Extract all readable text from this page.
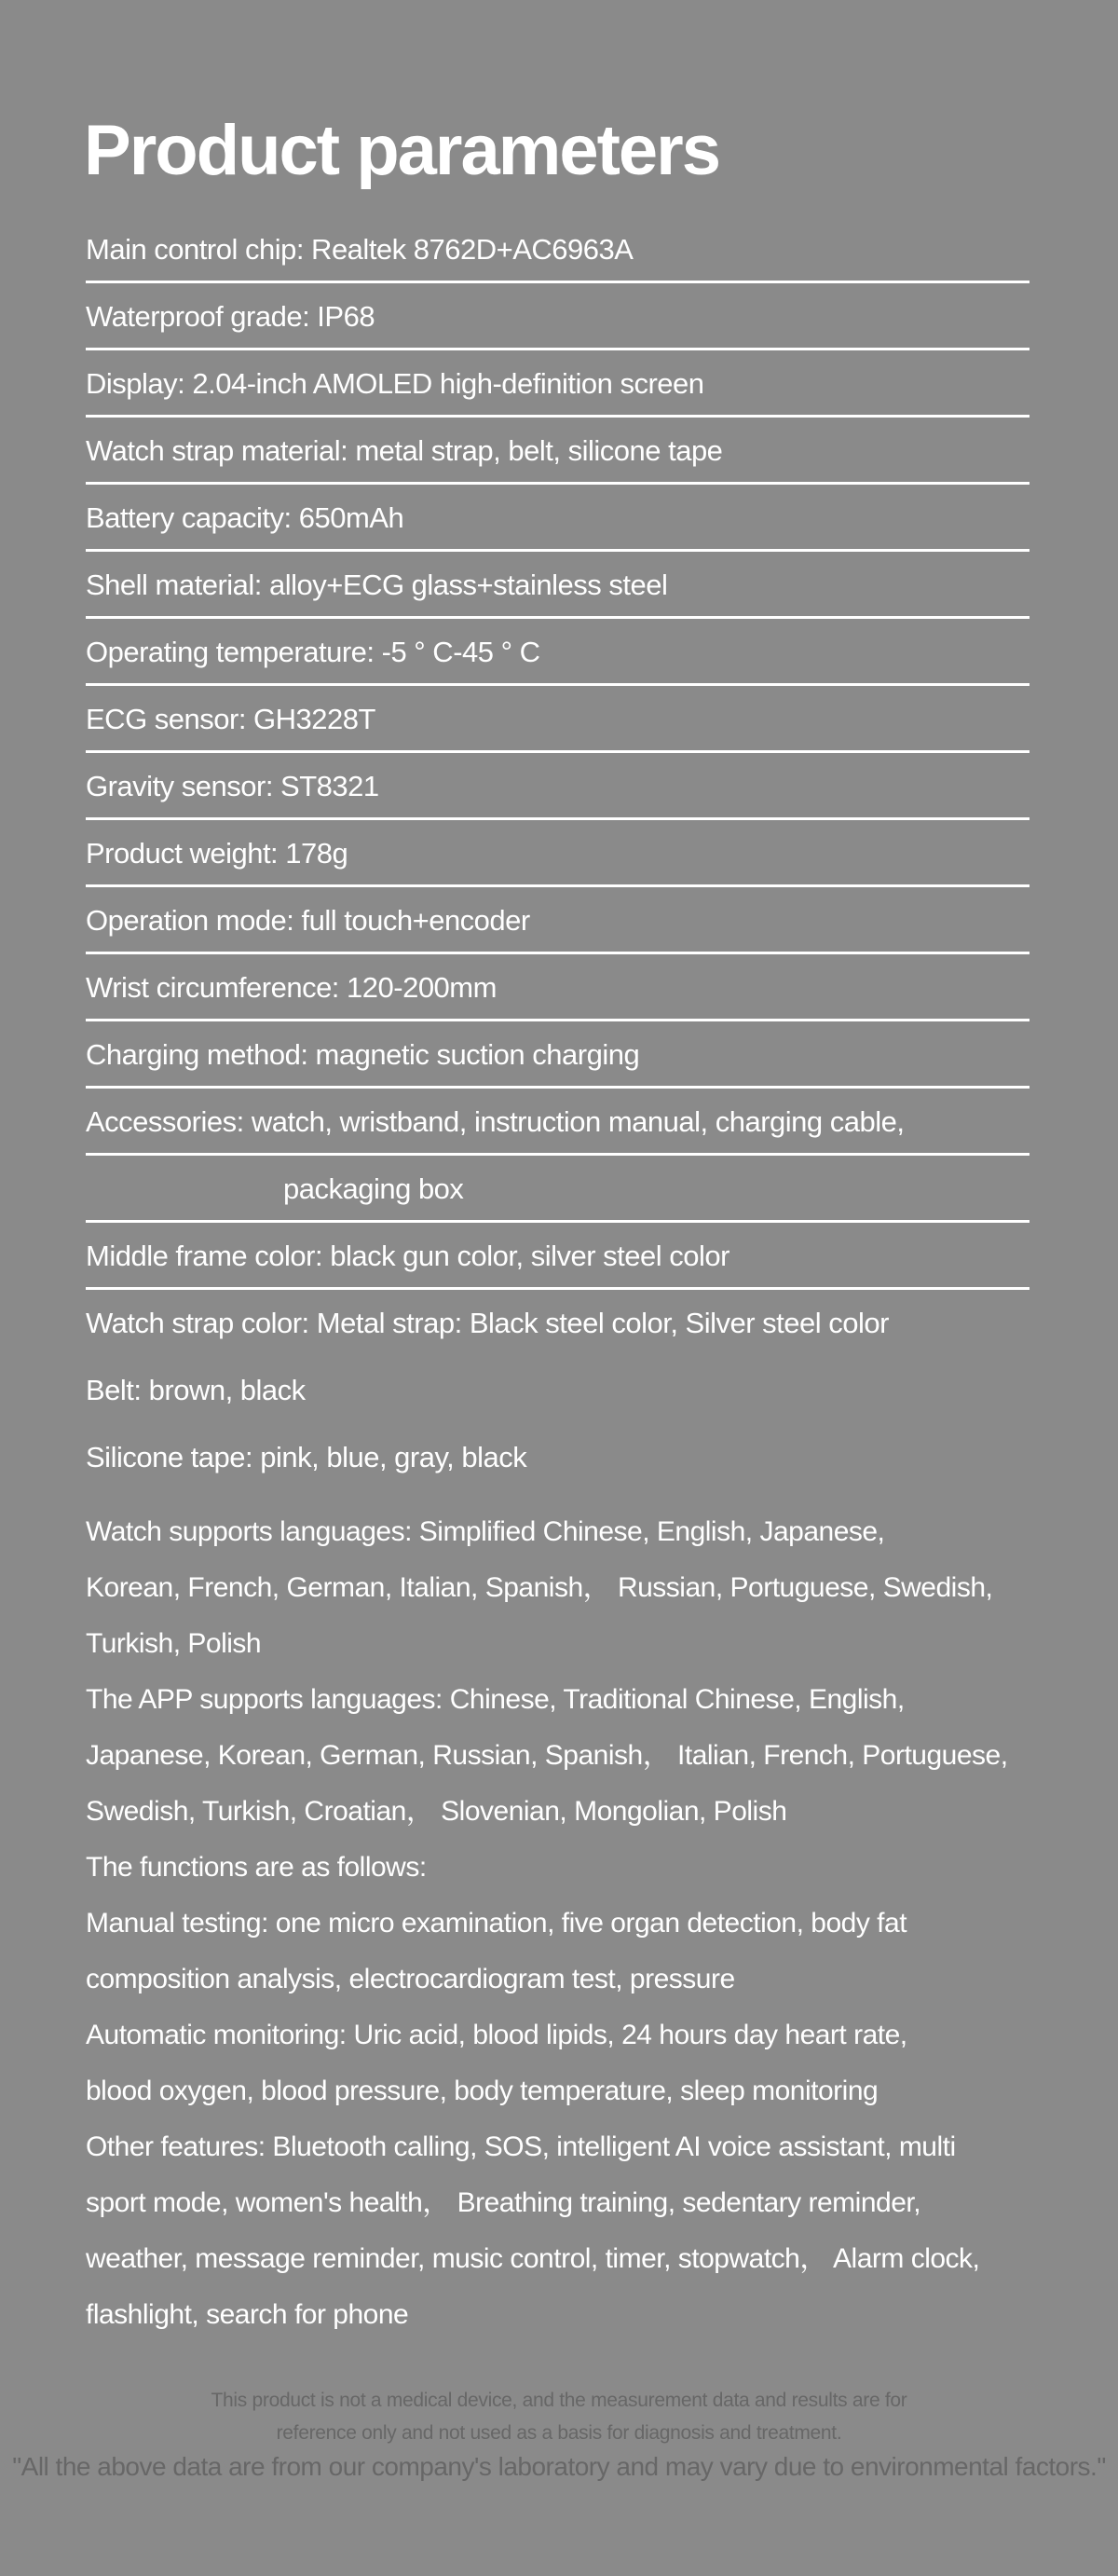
Product parameters
Main control chip: Realtek 8762D+AC6963A
Waterproof grade: IP68
Display: 2.04-inch AMOLED high-definition screen
Watch strap material: metal strap, belt, silicone tape
Battery capacity: 650mAh
Shell material: alloy+ECG glass+stainless steel
Operating temperature: -5 ° C-45 ° C
ECG sensor: GH3228T
Gravity sensor: ST8321
Product weight: 178g
Operation mode: full touch+encoder
Wrist circumference: 120-200mm
Charging method: magnetic suction charging
Accessories: watch, wristband, instruction manual, charging cable,
packaging box
Middle frame color: black gun color, silver steel color
Watch strap color: Metal strap: Black steel color, Silver steel color
Belt: brown, black
Silicone tape: pink, blue, gray, black
Watch supports languages: Simplified Chinese, English, Japanese,
Korean, French, German, Italian, Spanish， Russian, Portuguese, Swedish,
Turkish, Polish
The APP supports languages: Chinese, Traditional Chinese, English,
Japanese, Korean, German, Russian, Spanish， Italian, French, Portuguese,
Swedish, Turkish, Croatian， Slovenian, Mongolian, Polish
The functions are as follows:
Manual testing: one micro examination, five organ detection, body fat
composition analysis, electrocardiogram test, pressure
Automatic monitoring: Uric acid, blood lipids, 24 hours day heart rate,
blood oxygen, blood pressure, body temperature, sleep monitoring
Other features: Bluetooth calling, SOS, intelligent AI voice assistant, multi
sport mode, women's health， Breathing training, sedentary reminder,
weather, message reminder, music control, timer, stopwatch， Alarm clock,
flashlight, search for phone
This product is not a medical device, and the measurement data and results are for
reference only and not used as a basis for diagnosis and treatment.
"All the above data are from our company's laboratory and may vary due to environmental factors."
